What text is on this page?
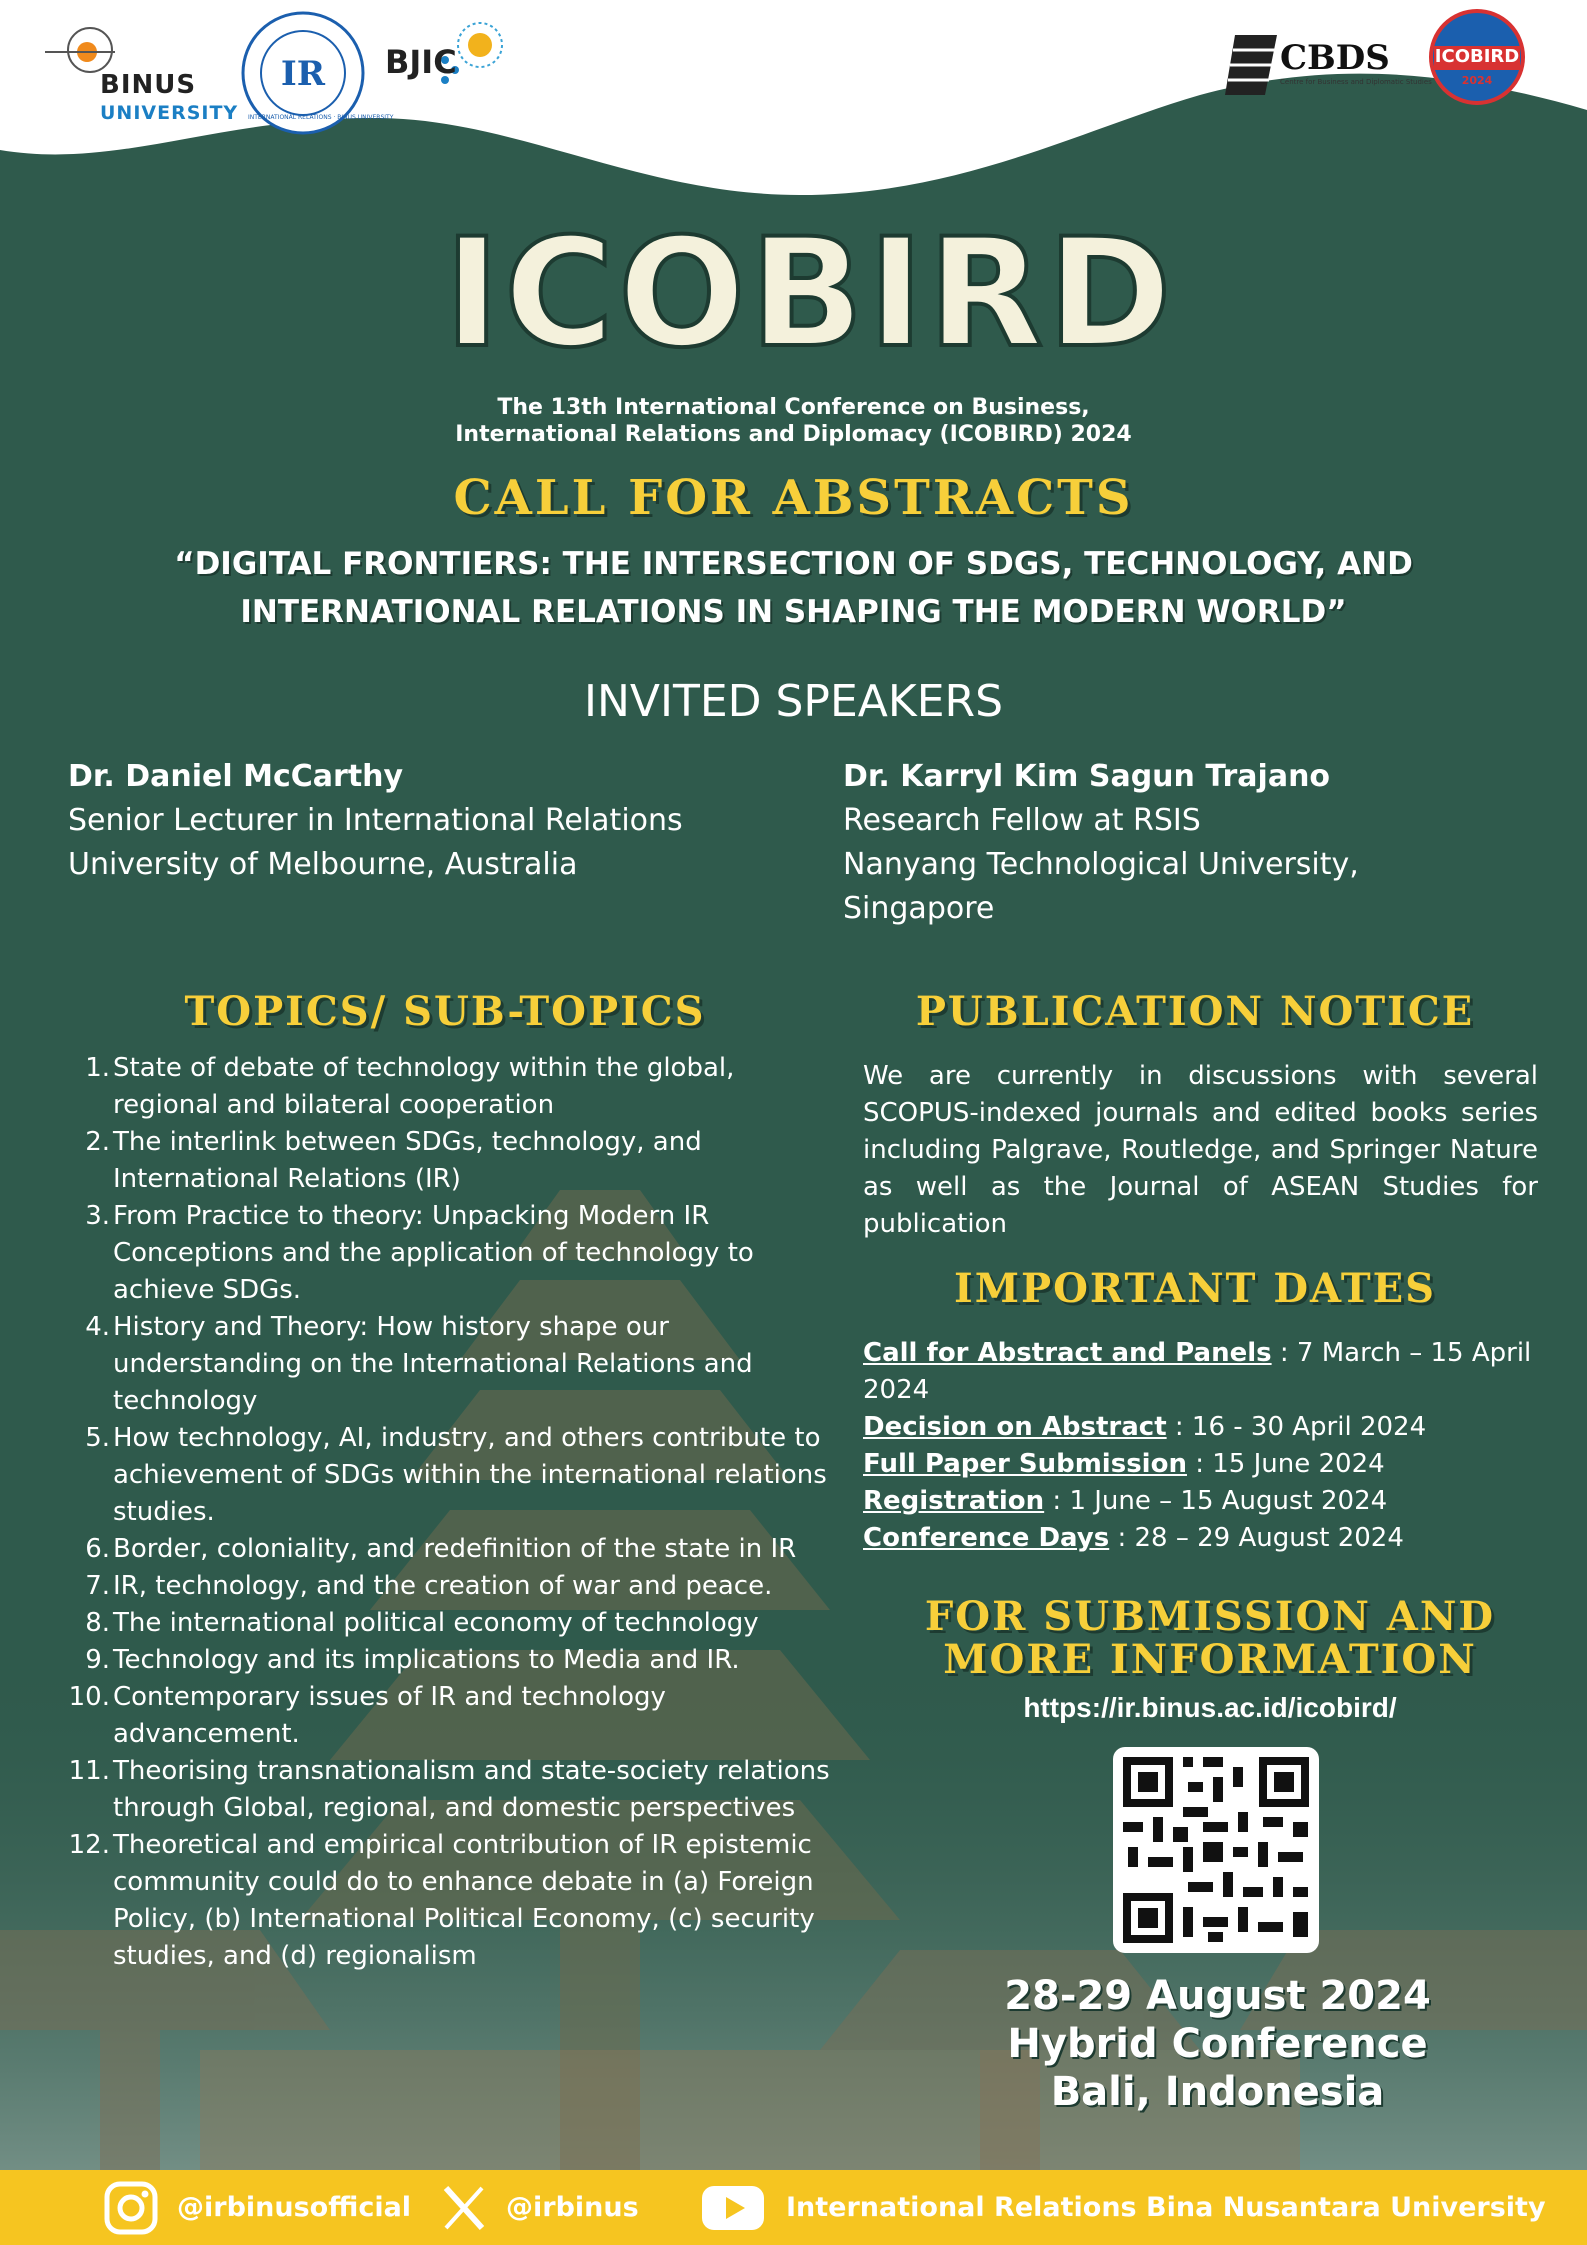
BINUS
UNIVERSITY
IR
INTERNATIONAL RELATIONS · BINUS UNIVERSITY
BJIC	CBDS
Centre for Business and Diplomatic Studies
ICOBIRD
2024
ICOBIRD
The 13th International Conference on Business,
International Relations and Diplomacy (ICOBIRD) 2024
CALL FOR ABSTRACTS
“DIGITAL FRONTIERS: THE INTERSECTION OF SDGS, TECHNOLOGY, AND
INTERNATIONAL RELATIONS IN SHAPING THE MODERN WORLD”
INVITED SPEAKERS
Dr. Daniel McCarthy
Senior Lecturer in International Relations
University of Melbourne, Australia
Dr. Karryl Kim Sagun Trajano
Research Fellow at RSIS
Nanyang Technological University,
Singapore
TOPICS/ SUB-TOPICS	PUBLICATION NOTICE
1. State of debate of technology within the global, regional and bilateral cooperation
2. The interlink between SDGs, technology, and International Relations (IR)
3. From Practice to theory: Unpacking Modern IR Conceptions and the application of technology to achieve SDGs.
4. History and Theory: How history shape our understanding on the International Relations and technology
5. How technology, AI, industry, and others contribute to achievement of SDGs within the international relations studies.
6. Border, coloniality, and redefinition of the state in IR
7. IR, technology, and the creation of war and peace.
8. The international political economy of technology
9. Technology and its implications to Media and IR.
10. Contemporary issues of IR and technology advancement.
11. Theorising transnationalism and state-society relations through Global, regional, and domestic perspectives
12. Theoretical and empirical contribution of IR epistemic community could do to enhance debate in (a) Foreign Policy, (b) International Political Economy, (c) security studies, and (d) regionalism
We are currently in discussions with several SCOPUS-indexed journals and edited books series including Palgrave, Routledge, and Springer Nature as well as the Journal of ASEAN Studies for publication
IMPORTANT DATES
Call for Abstract and Panels : 7 March – 15 April 2024
Decision on Abstract : 16 - 30 April 2024
Full Paper Submission : 15 June 2024
Registration : 1 June – 15 August 2024
Conference Days : 28 – 29 August 2024
FOR SUBMISSION AND
MORE INFORMATION
https://ir.binus.ac.id/icobird/
28-29 August 2024
Hybrid Conference
Bali, Indonesia
@irbinusofficial	@irbinus	International Relations Bina Nusantara University
